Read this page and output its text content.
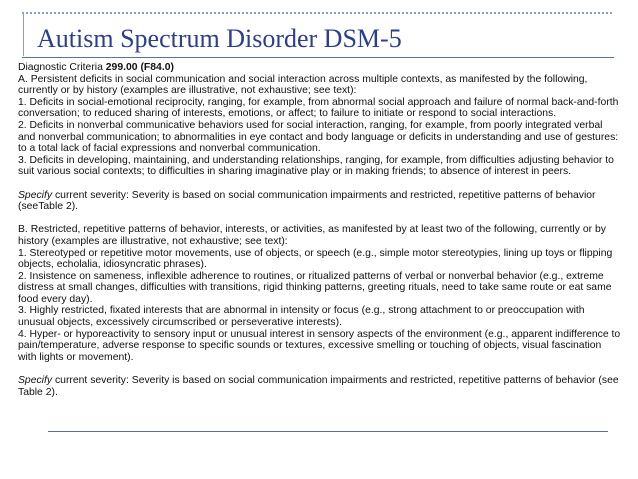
Autism Spectrum Disorder DSM-5

Diagnostic Criteria 299.00 (F84.0)

A. Persistent deficits in social communication and social interaction across multiple contexts, as manifested by the following, currently or by history (examples are illustrative, not exhaustive; see text):

1. Deficits in social-emotional reciprocity, ranging, for example, from abnormal social approach and failure of normal back-and-forth conversation; to reduced sharing of interests, emotions, or affect; to failure to initiate or respond to social interactions.

2. Deficits in nonverbal communicative behaviors used for social interaction, ranging, for example, from poorly integrated verbal and nonverbal communication; to abnormalities in eye contact and body language or deficits in understanding and use of gestures: to a total lack of facial expressions and nonverbal communication.

3. Deficits in developing, maintaining, and understanding relationships, ranging, for example, from difficulties adjusting behavior to suit various social contexts; to difficulties in sharing imaginative play or in making friends; to absence of interest in peers.

Specify current severity: Severity is based on social communication impairments and restricted, repetitive patterns of behavior (seeTable 2).

B. Restricted, repetitive patterns of behavior, interests, or activities, as manifested by at least two of the following, currently or by history (examples are illustrative, not exhaustive; see text):

1. Stereotyped or repetitive motor movements, use of objects, or speech (e.g., simple motor stereotypies, lining up toys or flipping objects, echolalia, idiosyncratic phrases).

2. Insistence on sameness, inflexible adherence to routines, or ritualized patterns of verbal or nonverbal behavior (e.g., extreme distress at small changes, difficulties with transitions, rigid thinking patterns, greeting rituals, need to take same route or eat same food every day).

3. Highly restricted, fixated interests that are abnormal in intensity or focus (e.g., strong attachment to or preoccupation with unusual objects, excessively circumscribed or perseverative interests).

4. Hyper- or hyporeactivity to sensory input or unusual interest in sensory aspects of the environment (e.g., apparent indifference to pain/temperature, adverse response to specific sounds or textures, excessive smelling or touching of objects, visual fascination with lights or movement).

Specify current severity: Severity is based on social communication impairments and restricted, repetitive patterns of behavior (see Table 2).
